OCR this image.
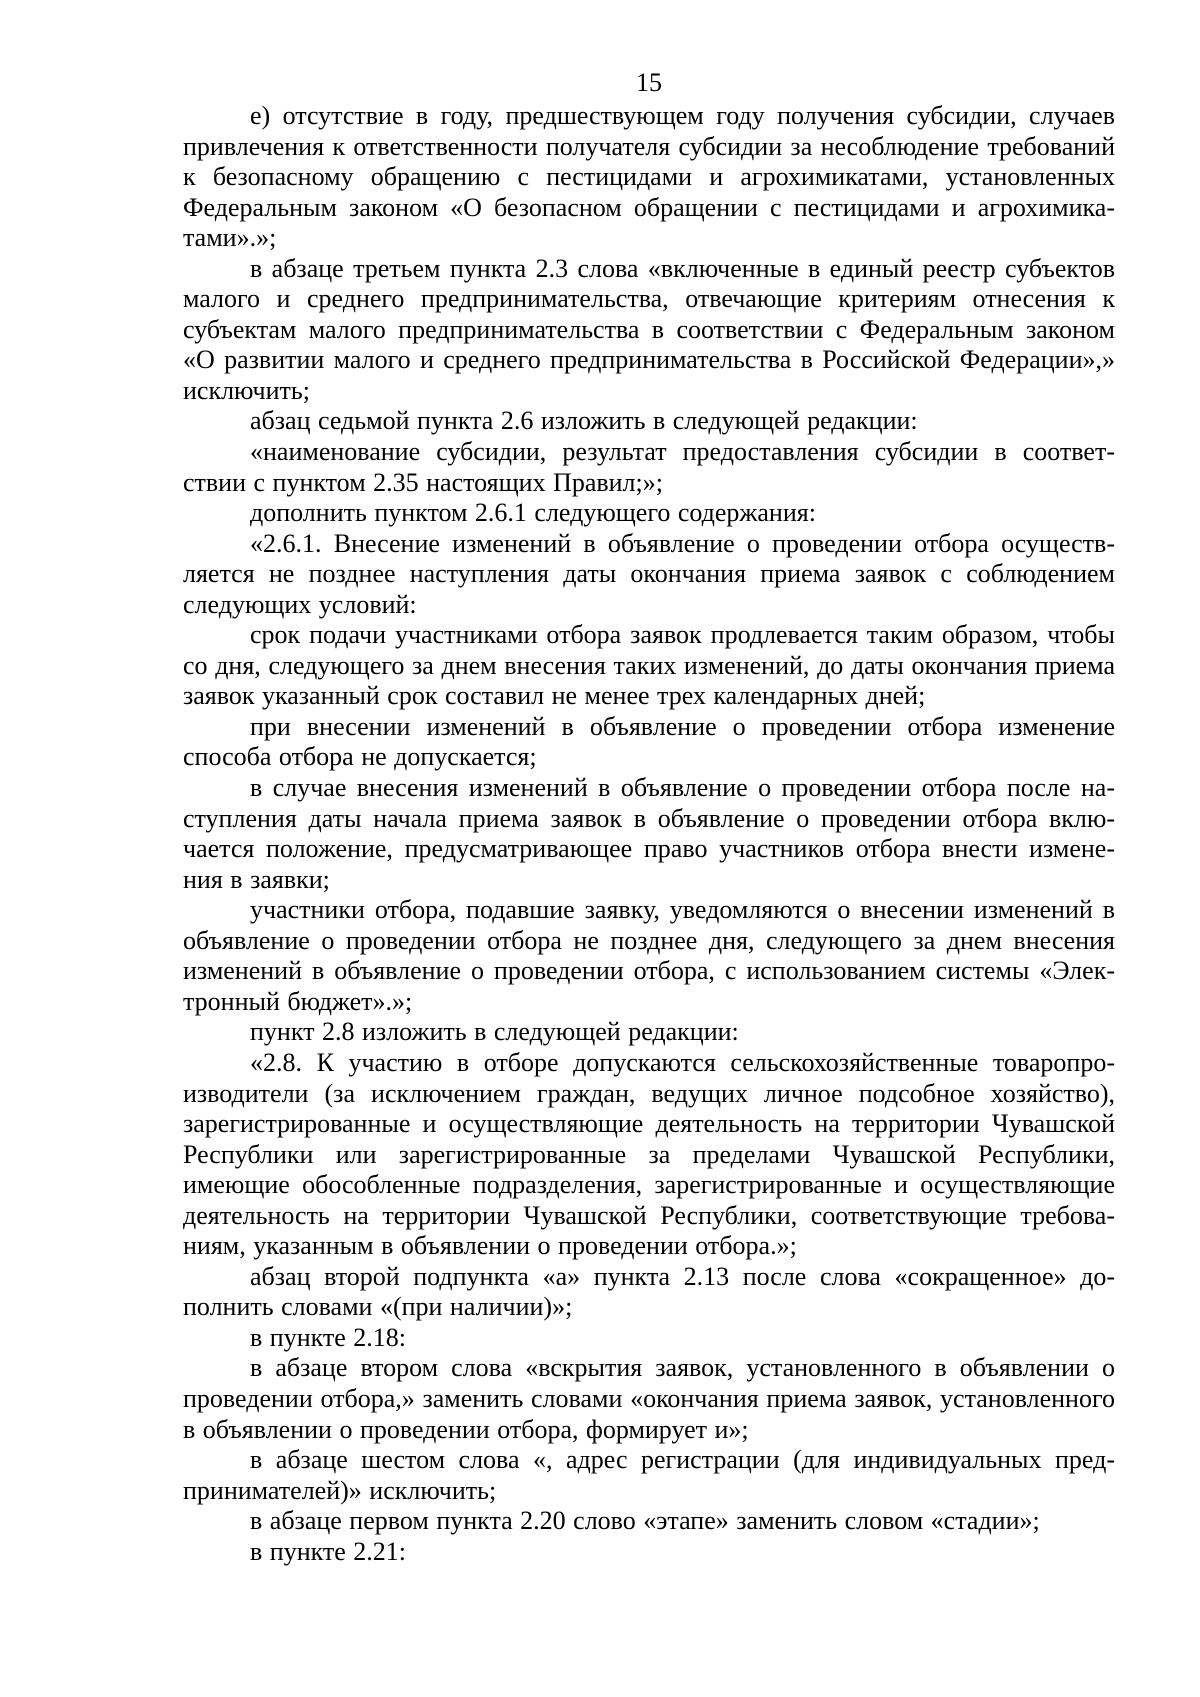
15

е) отсутствие в году, предшествующем году получения субсидии, случаев привлечения к ответственности получателя субсидии за несоблюдение требований к безопасному обращению с пестицидами и агрохимикатами, установленных Федеральным законом «О безопасном обращении с пестицидами и агрохимикатами».»;

в абзаце третьем пункта 2.3 слова «включенные в единый реестр субъектов малого и среднего предпринимательства, отвечающие критериям отнесения к субъектам малого предпринимательства в соответствии с Федеральным законом «О развитии малого и среднего предпринимательства в Российской Федерации»,» исключить;

абзац седьмой пункта 2.6 изложить в следующей редакции:

«наименование субсидии, результат предоставления субсидии в соответствии с пунктом 2.35 настоящих Правил;»;

дополнить пунктом 2.6.1 следующего содержания:

«2.6.1. Внесение изменений в объявление о проведении отбора осуществляется не позднее наступления даты окончания приема заявок с соблюдением следующих условий:

срок подачи участниками отбора заявок продлевается таким образом, чтобы со дня, следующего за днем внесения таких изменений, до даты окончания приема заявок указанный срок составил не менее трех календарных дней;

при внесении изменений в объявление о проведении отбора изменение способа отбора не допускается;

в случае внесения изменений в объявление о проведении отбора после наступления даты начала приема заявок в объявление о проведении отбора включается положение, предусматривающее право участников отбора внести изменения в заявки;

участники отбора, подавшие заявку, уведомляются о внесении изменений в объявление о проведении отбора не позднее дня, следующего за днем внесения изменений в объявление о проведении отбора, с использованием системы «Электронный бюджет».»;

пункт 2.8 изложить в следующей редакции:

«2.8. К участию в отборе допускаются сельскохозяйственные товаропроизводители (за исключением граждан, ведущих личное подсобное хозяйство), зарегистрированные и осуществляющие деятельность на территории Чувашской Республики или зарегистрированные за пределами Чувашской Республики, имеющие обособленные подразделения, зарегистрированные и осуществляющие деятельность на территории Чувашской Республики, соответствующие требованиям, указанным в объявлении о проведении отбора.»;

абзац второй подпункта «а» пункта 2.13 после слова «сокращенное» дополнить словами «(при наличии)»;

в пункте 2.18:

в абзаце втором слова «вскрытия заявок, установленного в объявлении о проведении отбора,» заменить словами «окончания приема заявок, установленного в объявлении о проведении отбора, формирует и»;

в абзаце шестом слова «, адрес регистрации (для индивидуальных предпринимателей)» исключить;

в абзаце первом пункта 2.20 слово «этапе» заменить словом «стадии»;

в пункте 2.21:
